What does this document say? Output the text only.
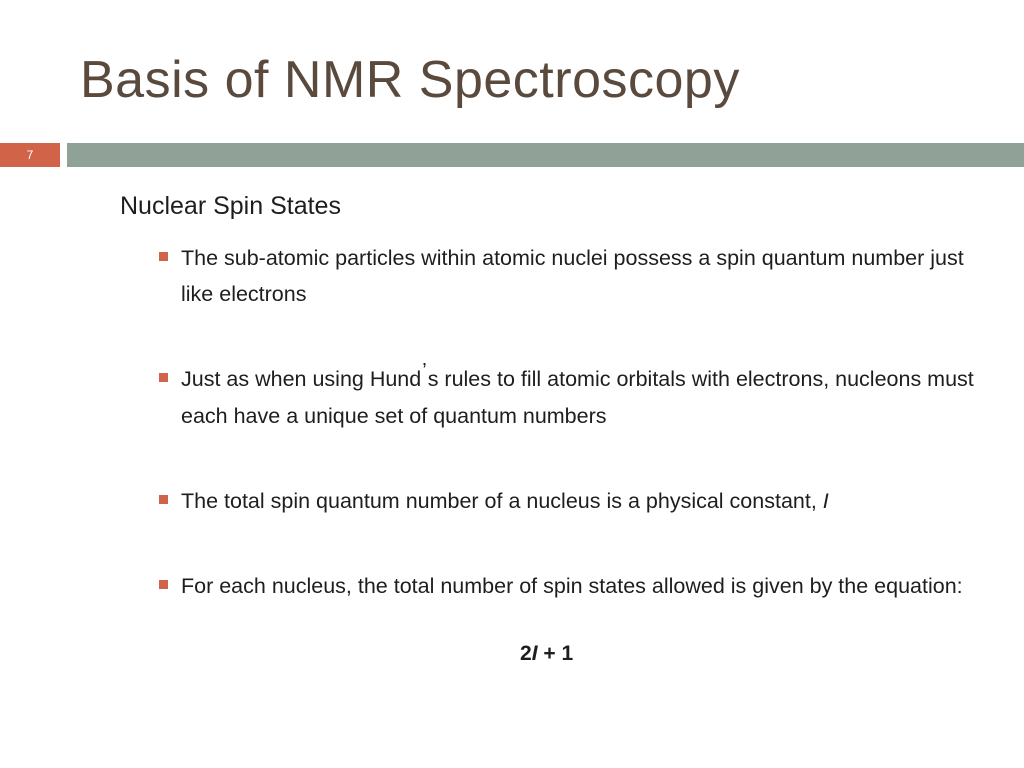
Basis of NMR Spectroscopy
7
Nuclear Spin States
The sub-atomic particles within atomic nuclei possess a spin quantum number just like electrons
Just as when using Hund’s rules to fill atomic orbitals with electrons, nucleons must each have a unique set of quantum numbers
The total spin quantum number of a nucleus is a physical constant, I
For each nucleus, the total number of spin states allowed is given by the equation:
2I + 1
